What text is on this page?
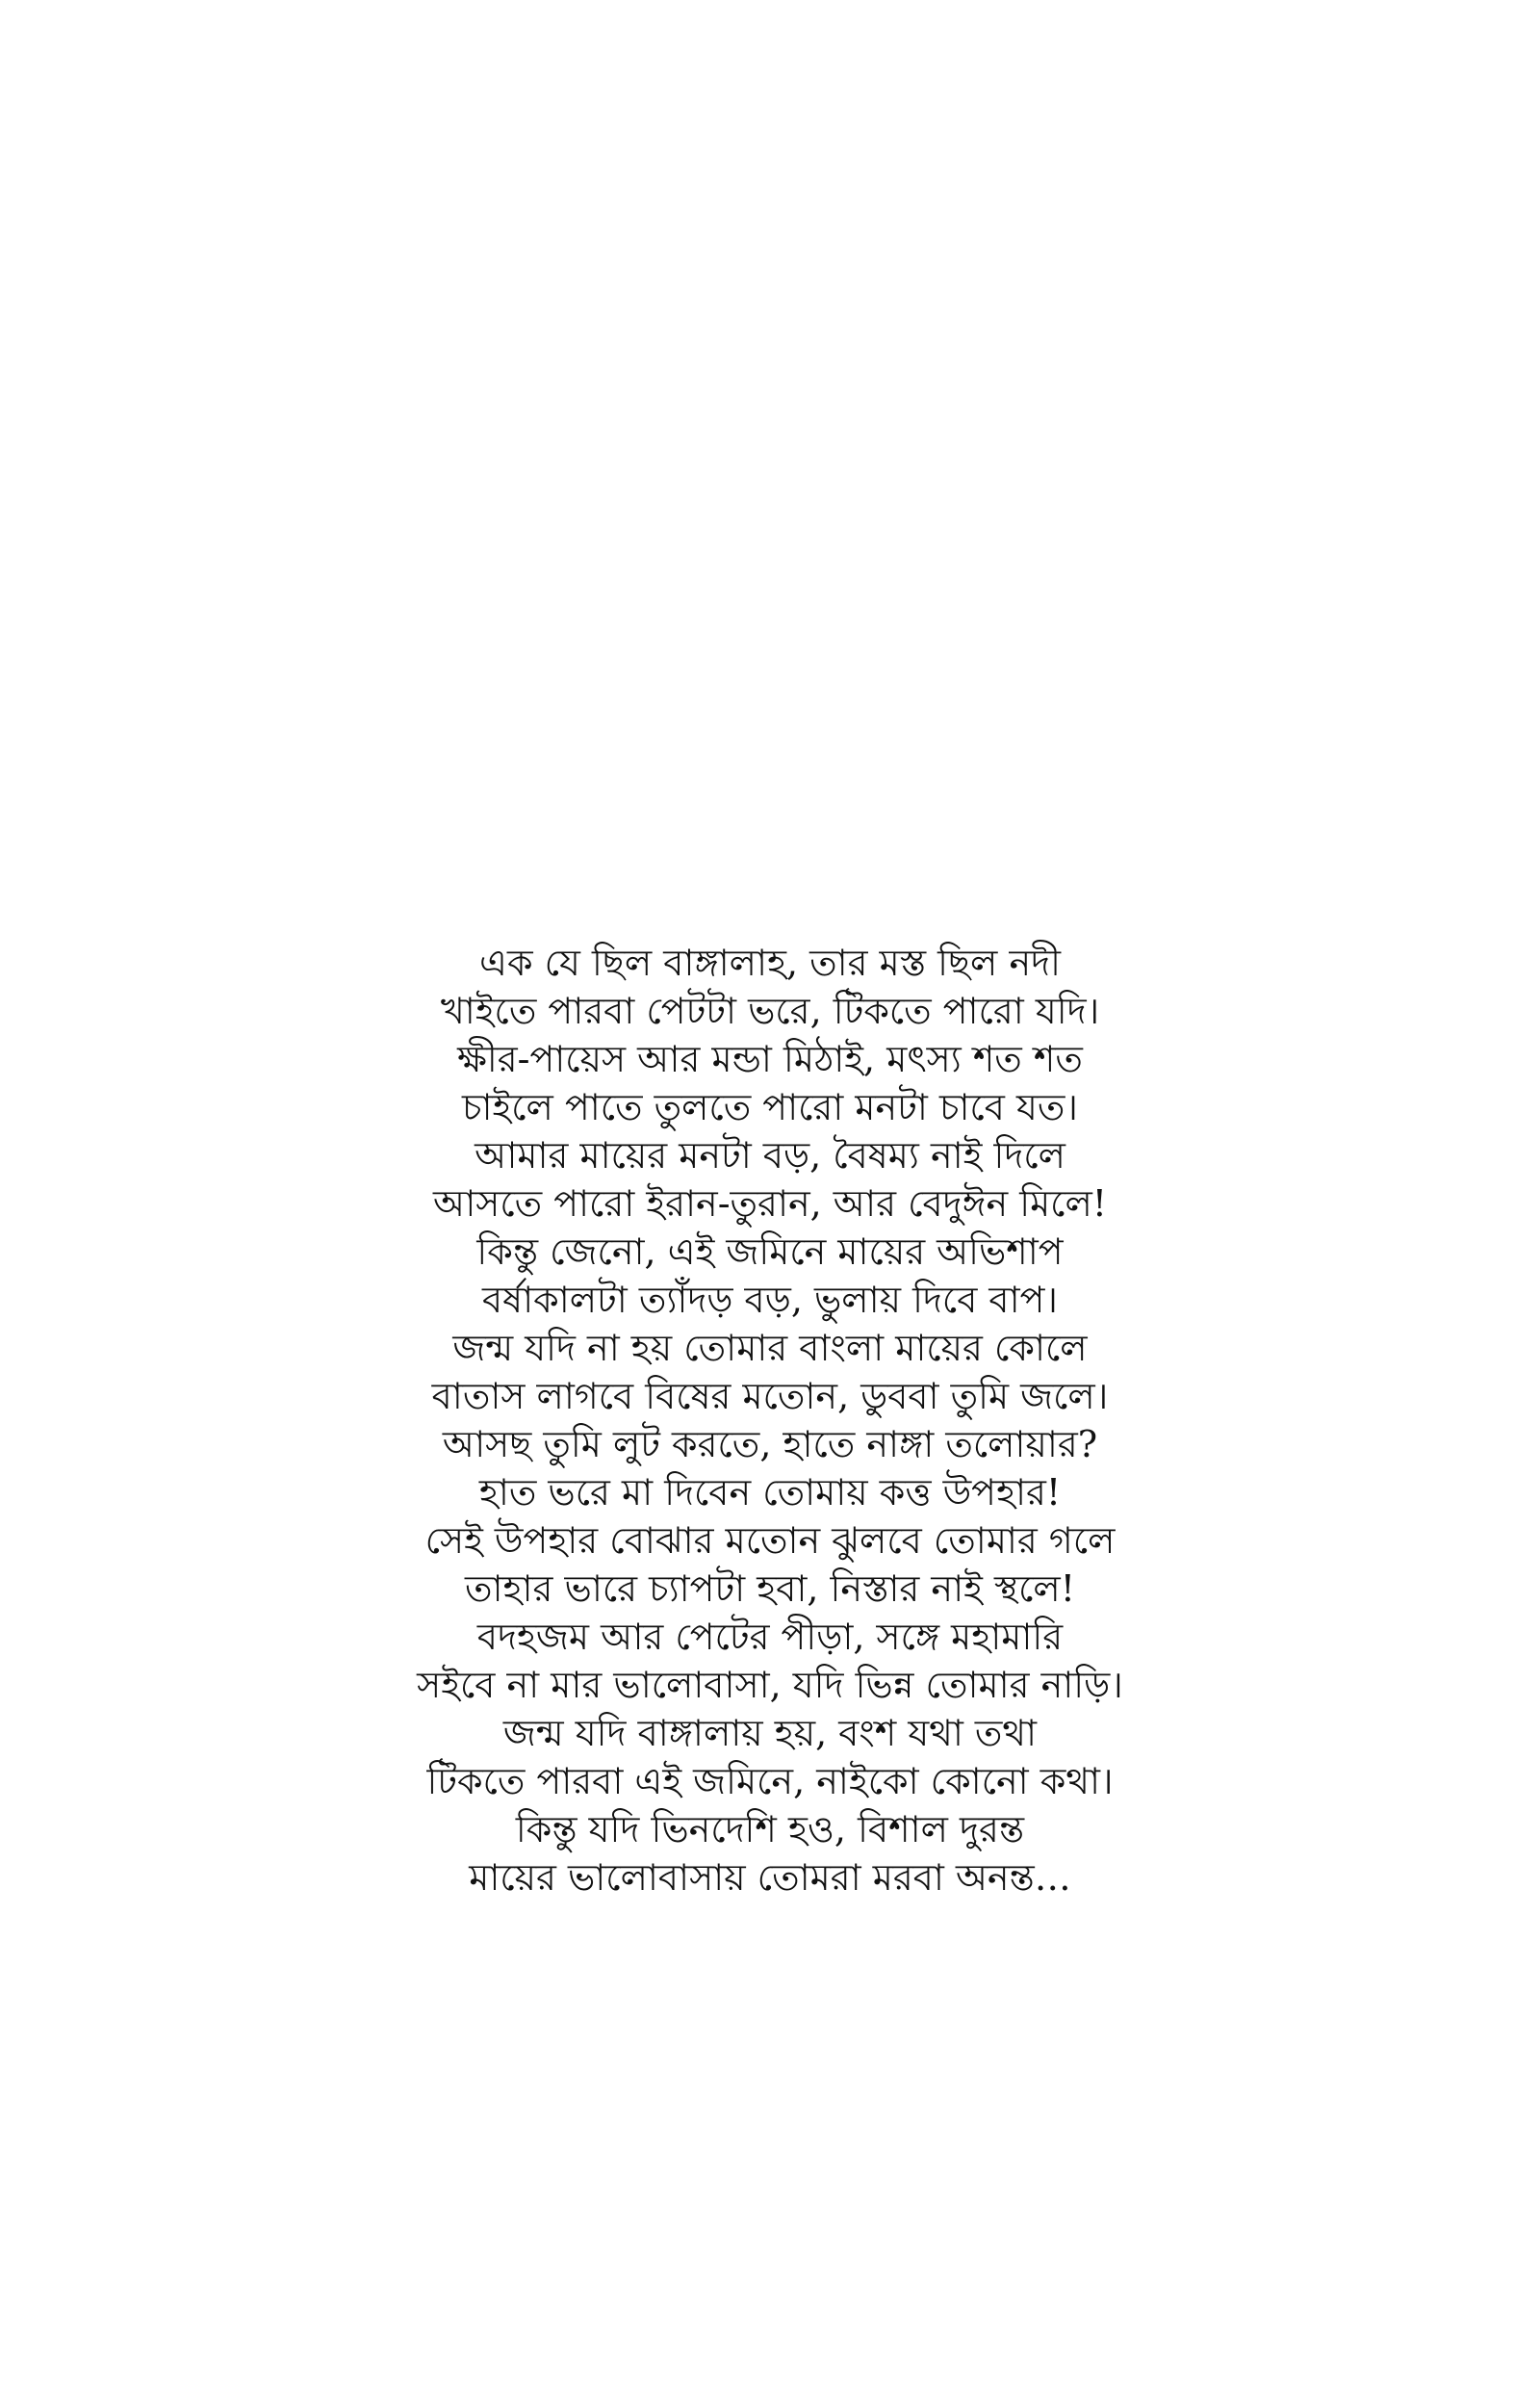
এক যে ছিল বাঙ্গালাহ, তার মস্ত ছিল নদী
খাইতে পারবা পেটটা ভরে, টিকতে পারো যদি।
ক্ষীর-পায়েস আর মন্ডা মিঠাই, মৎস্য শত শত
চাইলে পাতে তুলতে পারো মনটা চাবে যত।
আমার মায়ের মনটা বড়, বৈষম্য নাই দিলে
আসতে পারো ইরান-তুরান, আর বেদুঈন মিলে!
কিন্তু জেনো, এই জমিনে মায়ের অভিশাপ
বর্ষাকালটা ত্যাঁদড় বড়, ভুলায় দিবে বাপ।
জন্ম যদি না হয় তোমার বাংলা মায়ের কোলে
বাতাস লাগবে বিষের মতোন, ডুববা তুমি জলে।
আসছ তুমি লুট করতে, হাতে নাঙ্গা তলোয়ার?
হাত ভরে মা দিবেন তোমায় কত্ত উপহার!
সেই উপহার বোঝার মতোন ঝুলবে তোমার গলে
তাহার ভারে চ্যাপটা হবা, নিস্তার নাই স্থলে!
বদহজম আর পেটের পীড়া, সঙ্গে মহামারি
সইবে না মার ভালোবাসা, যদি ভিন্ন তোমার নাড়ি।
জন্ম যদি বাঙ্গালায় হয়, বংশ যথা তথা
টিকতে পারবা এই জমিনে, নাইকো কোনো কথা।
কিন্তু যদি ভিনদেশি হও, বিশাল দুরন্ত
মায়ের ভালোবাসায় তোমরা মরবা অনন্ত…
